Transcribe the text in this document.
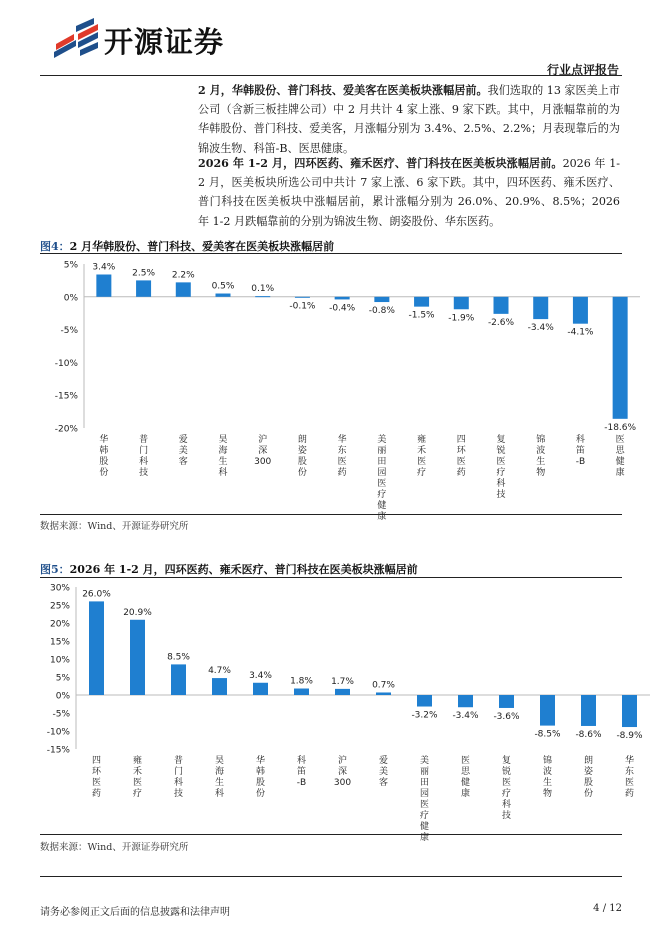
开源证券
行业点评报告

2 月，华韩股份、普门科技、爱美客在医美板块涨幅居前。我们选取的 13 家医美上市公司（含新三板挂牌公司）中 2 月共计 4 家上涨、9 家下跌。其中，月涨幅靠前的为华韩股份、普门科技、爱美客，月涨幅分别为 3.4%、2.5%、2.2%；月表现靠后的为锦波生物、科笛-B、医思健康。

2026 年 1-2 月，四环医药、雍禾医疗、普门科技在医美板块涨幅居前。2026 年 1-2 月，医美板块所选公司中共计 7 家上涨、6 家下跌。其中，四环医药、雍禾医疗、普门科技在医美板块中涨幅居前，累计涨幅分别为 26.0%、20.9%、8.5%；2026 年 1-2 月跌幅靠前的分别为锦波生物、朗姿股份、华东医药。

图4：2 月华韩股份、普门科技、爱美客在医美板块涨幅居前
5%
0%
-5%
-10%
-15%
-20%
3.4%
华韩股份
2.5%
普门科技
2.2%
爱美客
0.5%
昊海生科
0.1%
沪深 300
-0.1%
朗姿股份
-0.4%
华东医药
-0.8%
美丽田园医疗健康
-1.5%
雍禾医疗
-1.9%
四环医药
-2.6%
复锐医疗科技
-3.4%
锦波生物
-4.1%
科笛-B
-18.6%
医思健康
数据来源：Wind、开源证券研究所
图5：2026 年 1-2 月，四环医药、雍禾医疗、普门科技在医美板块涨幅居前
30%
25%
20%
15%
10%
5%
0%
-5%
-10%
-15%
26.0%
四环医药
20.9%
雍禾医疗
8.5%
普门科技
4.7%
昊海生科
3.4%
华韩股份
1.8%
科笛-B
1.7%
沪深 300
0.7%
爱美客
-3.2%
美丽田园医疗健康
-3.4%
医思健康
-3.6%
复锐医疗科技
-8.5%
锦波生物
-8.6%
朗姿股份
-8.9%
华东医药
数据来源：Wind、开源证券研究所
请务必参阅正文后面的信息披露和法律声明	4 / 12
